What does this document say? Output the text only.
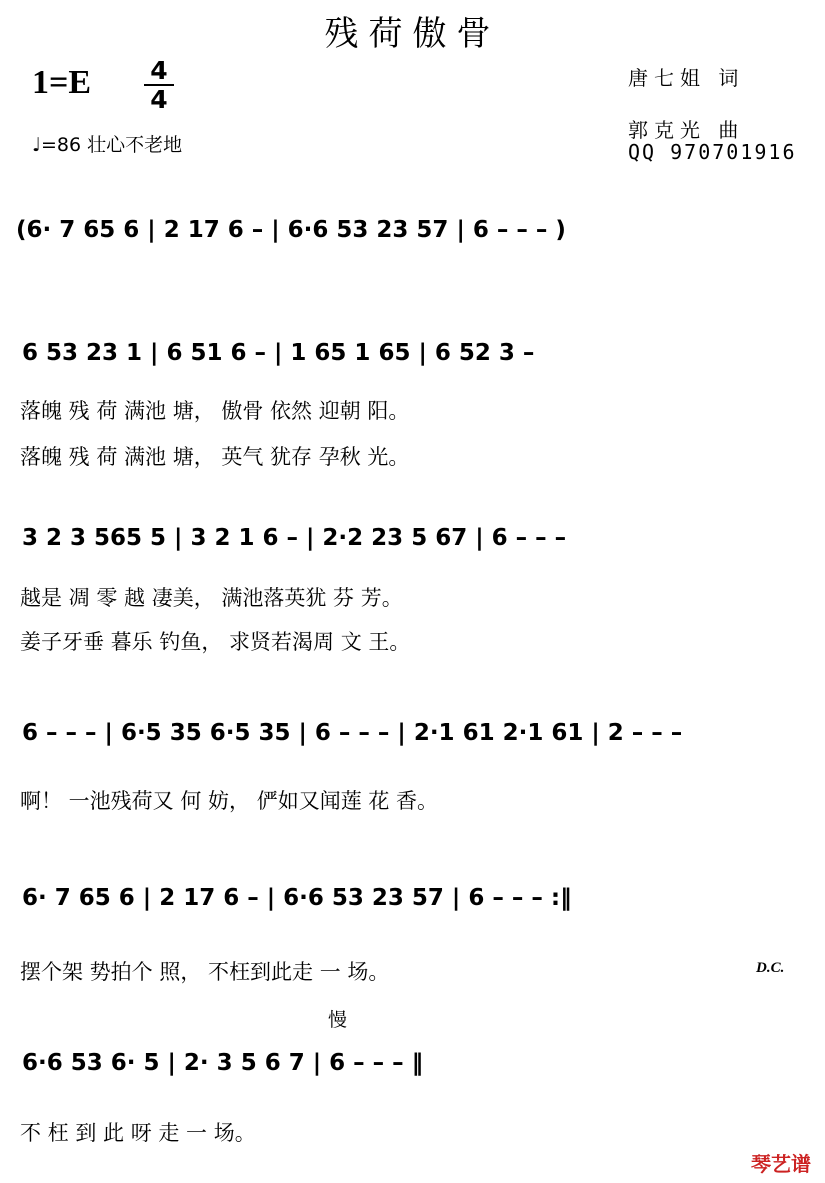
残荷傲骨
1=E 4
4
♩=86 壮心不老地
唐七姐 词
郭克光 曲
QQ 970701916
(6· 7 65 6 | 2 17 6 – | 6·6 53 23 57 | 6 – – – )
6 53 23 1 | 6 51 6 – | 1 65 1 65 | 6 52 3 –
落魄 残 荷 满池 塘， 傲骨 依然 迎朝 阳。
落魄 残 荷 满池 塘， 英气 犹存 孕秋 光。
3 2 3 565 5 | 3 2 1 6 – | 2·2 23 5 67 | 6 – – –
越是 凋 零 越 凄美， 满池落英犹 芬 芳。
姜子牙垂 暮乐 钓鱼， 求贤若渴周 文 王。
6 – – – | 6·5 35 6·5 35 | 6 – – – | 2·1 61 2·1 61 | 2 – – –
啊！ 一池残荷又 何 妨， 俨如又闻莲 花 香。
6· 7 65 6 | 2 17 6 – | 6·6 53 23 57 | 6 – – – :‖
摆个架 势拍个 照， 不枉到此走 一 场。	D.C.
慢
6·6 53 6· 5 | 2· 3 5 6 7 | 6 – – – ‖
不 枉 到 此 呀 走 一 场。
琴艺谱
